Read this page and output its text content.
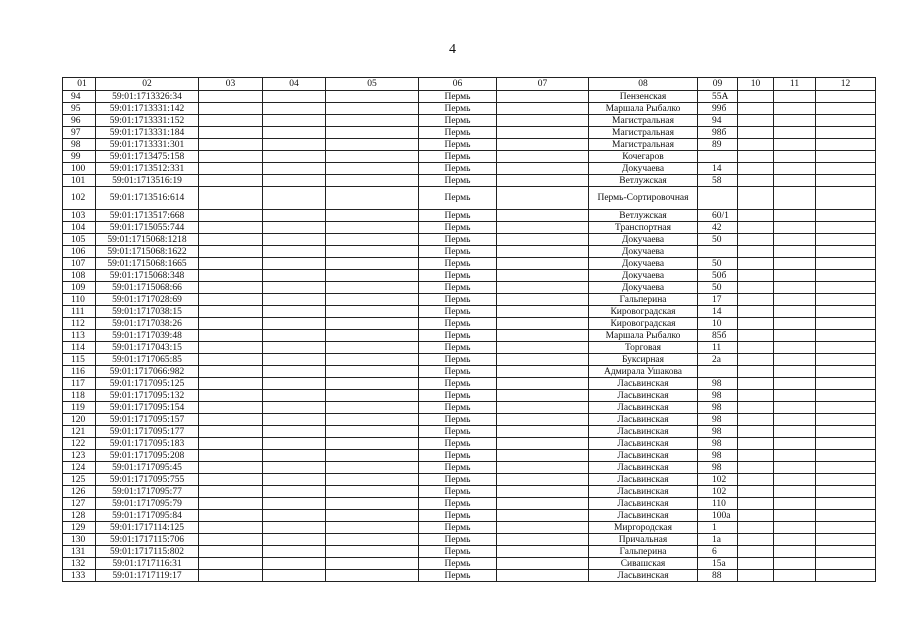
4
01	02	03	04	05	06	07	08	09	10	11	12
94	59:01:1713326:34				Пермь		Пензенская	55А			
95	59:01:1713331:142				Пермь		Маршала Рыбалко	99б			
96	59:01:1713331:152				Пермь		Магистральная	94			
97	59:01:1713331:184				Пермь		Магистральная	98б			
98	59:01:1713331:301				Пермь		Магистральная	89			
99	59:01:1713475:158				Пермь		Кочегаров				
100	59:01:1713512:331				Пермь		Докучаева	14			
101	59:01:1713516:19				Пермь		Ветлужская	58			
102	59:01:1713516:614				Пермь		Пермь-Сортировочная				
103	59:01:1713517:668				Пермь		Ветлужская	60/1			
104	59:01:1715055:744				Пермь		Транспортная	42			
105	59:01:1715068:1218				Пермь		Докучаева	50			
106	59:01:1715068:1622				Пермь		Докучаева				
107	59:01:1715068:1665				Пермь		Докучаева	50			
108	59:01:1715068:348				Пермь		Докучаева	50б			
109	59:01:1715068:66				Пермь		Докучаева	50			
110	59:01:1717028:69				Пермь		Гальперина	17			
111	59:01:1717038:15				Пермь		Кировоградская	14			
112	59:01:1717038:26				Пермь		Кировоградская	10			
113	59:01:1717039:48				Пермь		Маршала Рыбалко	85б			
114	59:01:1717043:15				Пермь		Торговая	11			
115	59:01:1717065:85				Пермь		Буксирная	2а			
116	59:01:1717066:982				Пермь		Адмирала Ушакова				
117	59:01:1717095:125				Пермь		Ласьвинская	98			
118	59:01:1717095:132				Пермь		Ласьвинская	98			
119	59:01:1717095:154				Пермь		Ласьвинская	98			
120	59:01:1717095:157				Пермь		Ласьвинская	98			
121	59:01:1717095:177				Пермь		Ласьвинская	98			
122	59:01:1717095:183				Пермь		Ласьвинская	98			
123	59:01:1717095:208				Пермь		Ласьвинская	98			
124	59:01:1717095:45				Пермь		Ласьвинская	98			
125	59:01:1717095:755				Пермь		Ласьвинская	102			
126	59:01:1717095:77				Пермь		Ласьвинская	102			
127	59:01:1717095:79				Пермь		Ласьвинская	110			
128	59:01:1717095:84				Пермь		Ласьвинская	100а			
129	59:01:1717114:125				Пермь		Миргородская	1			
130	59:01:1717115:706				Пермь		Причальная	1а			
131	59:01:1717115:802				Пермь		Гальперина	6			
132	59:01:1717116:31				Пермь		Сивашская	15а			
133	59:01:1717119:17				Пермь		Ласьвинская	88			
